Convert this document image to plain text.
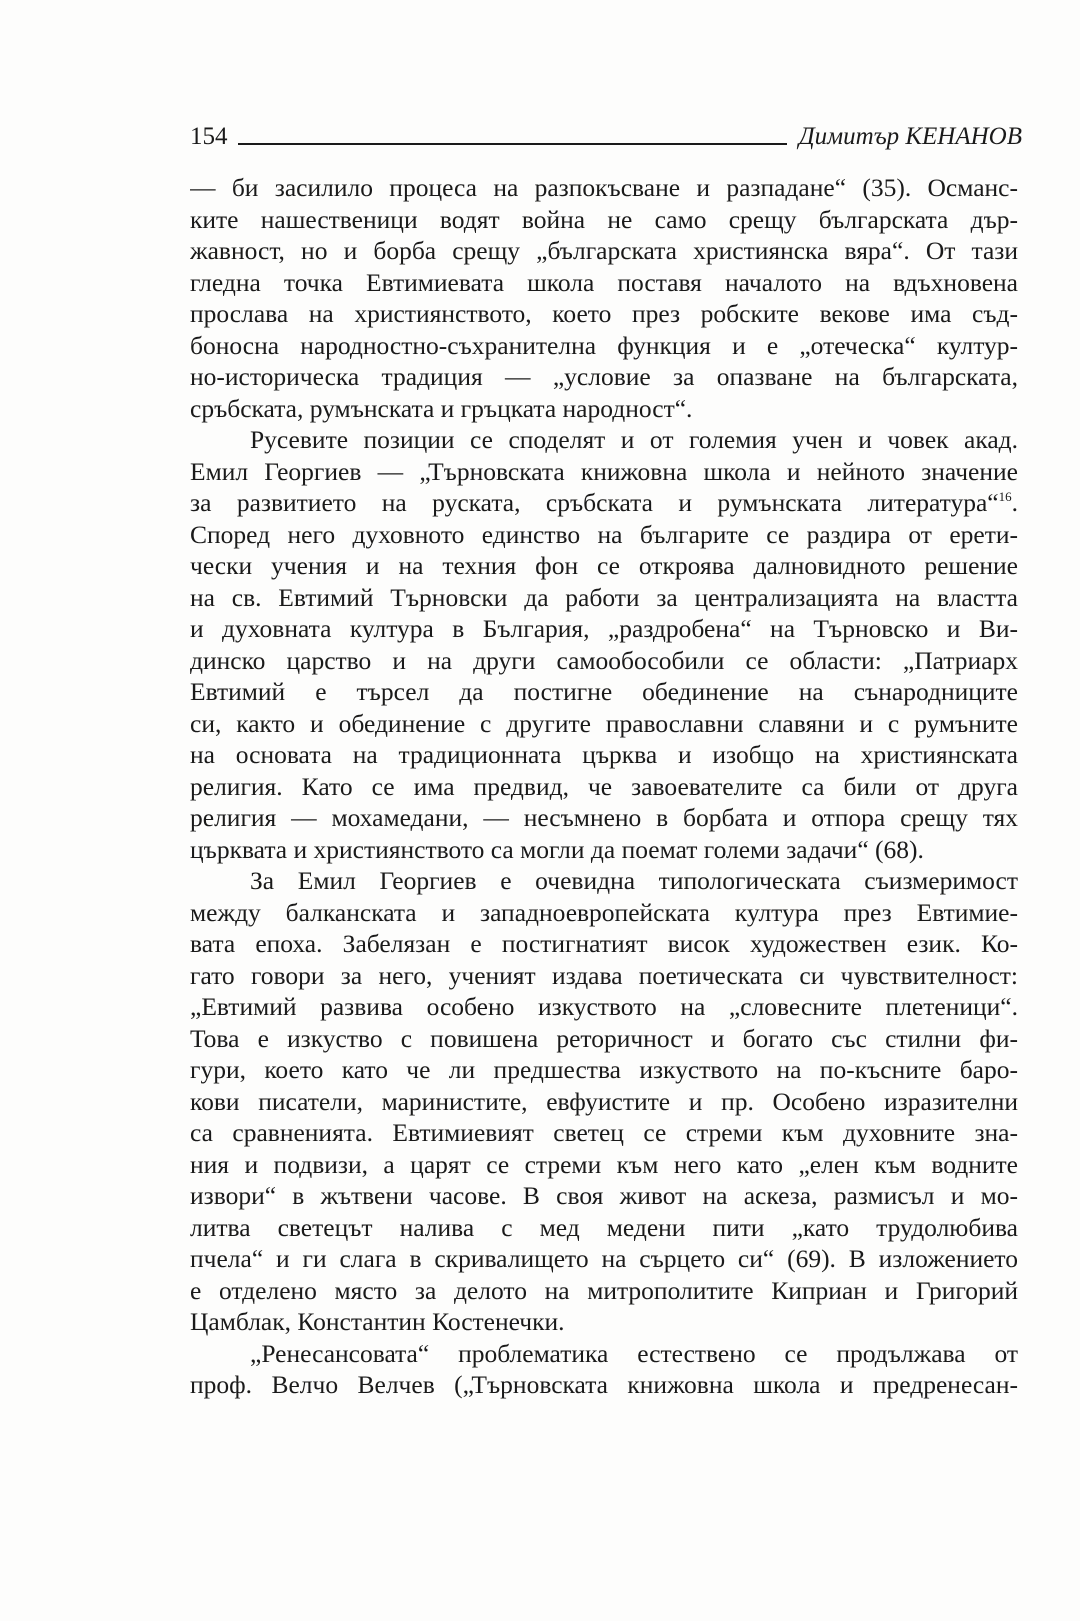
154	Димитър КЕНАНОВ
— би засилило процеса на разпокъсване и разпадане“ (35). Османс-
ките нашественици водят война не само срещу българската дър-
жавност, но и борба срещу „българската християнска вяра“. От тази
гледна точка Евтимиевата школа поставя началото на вдъхновена
прослава на християнството, което през робските векове има съд-
боносна народностно-съхранителна функция и е „отеческа“ култур-
но-историческа традиция — „условие за опазване на българската,
сръбската, румънската и гръцката народност“.
Русевите позиции се споделят и от големия учен и човек акад.
Емил Георгиев — „Търновската книжовна школа и нейното значение
за развитието на руската, сръбската и румънската литература“$^{16}$.
Според него духовното единство на българите се раздира от ерети-
чески учения и на техния фон се откроява далновидното решение
на св. Евтимий Търновски да работи за централизацията на властта
и духовната култура в България, „раздробена“ на Търновско и Ви-
динско царство и на други самообособили се области: „Патриарх
Евтимий е търсел да постигне обединение на сънародниците
си, както и обединение с другите православни славяни и с румъните
на основата на традиционната църква и изобщо на християнската
религия. Като се има предвид, че завоевателите са били от друга
религия — мохамедани, — несъмнено в борбата и отпора срещу тях
църквата и християнството са могли да поемат големи задачи“ (68).
За Емил Георгиев е очевидна типологическата съизмеримост
между балканската и западноевропейската култура през Евтимие-
вата епоха. Забелязан е постигнатият висок художествен език. Ко-
гато говори за него, ученият издава поетическата си чувствителност:
„Евтимий развива особено изкуството на „словесните плетеници“.
Това е изкуство с повишена реторичност и богато със стилни фи-
гури, което като че ли предшества изкуството на по-късните баро-
кови писатели, маринистите, евфуистите и пр. Особено изразителни
са сравненията. Евтимиевият светец се стреми към духовните зна-
ния и подвизи, а царят се стреми към него като „елен към водните
извори“ в жътвени часове. В своя живот на аскеза, размисъл и мо-
литва светецът налива с мед медени пити „като трудолюбива
пчела“ и ги слага в скривалището на сърцето си“ (69). В изложението
е отделено място за делото на митрополитите Киприан и Григорий
Цамблак, Константин Костенечки.
„Ренесансовата“ проблематика естествено се продължава от
проф. Велчо Велчев („Търновската книжовна школа и предренесан-
